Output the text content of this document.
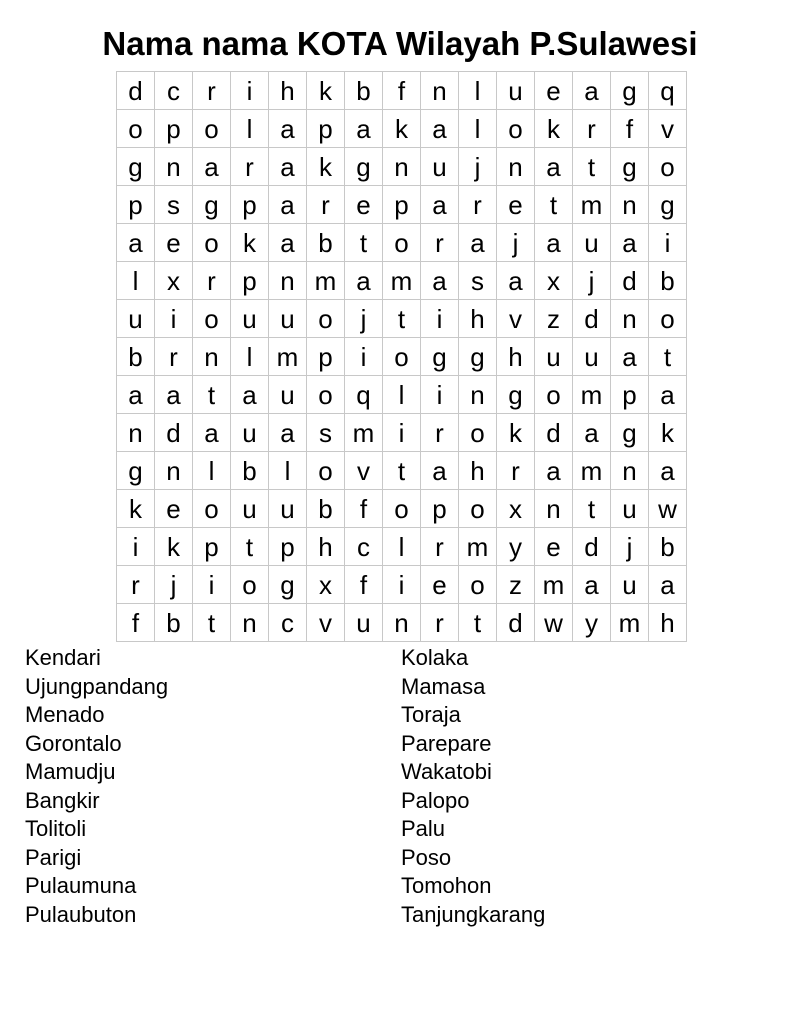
Nama nama KOTA Wilayah P.Sulawesi
d	c	r	i	h	k	b	f	n	l	u	e	a	g	q
o	p	o	l	a	p	a	k	a	l	o	k	r	f	v
g	n	a	r	a	k	g	n	u	j	n	a	t	g	o
p	s	g	p	a	r	e	p	a	r	e	t	m	n	g
a	e	o	k	a	b	t	o	r	a	j	a	u	a	i
l	x	r	p	n	m	a	m	a	s	a	x	j	d	b
u	i	o	u	u	o	j	t	i	h	v	z	d	n	o
b	r	n	l	m	p	i	o	g	g	h	u	u	a	t
a	a	t	a	u	o	q	l	i	n	g	o	m	p	a
n	d	a	u	a	s	m	i	r	o	k	d	a	g	k
g	n	l	b	l	o	v	t	a	h	r	a	m	n	a
k	e	o	u	u	b	f	o	p	o	x	n	t	u	w
i	k	p	t	p	h	c	l	r	m	y	e	d	j	b
r	j	i	o	g	x	f	i	e	o	z	m	a	u	a
f	b	t	n	c	v	u	n	r	t	d	w	y	m	h
Kendari
Ujungpandang
Menado
Gorontalo
Mamudju
Bangkir
Tolitoli
Parigi
Pulaumuna
Pulaubuton
Kolaka
Mamasa
Toraja
Parepare
Wakatobi
Palopo
Palu
Poso
Tomohon
Tanjungkarang
